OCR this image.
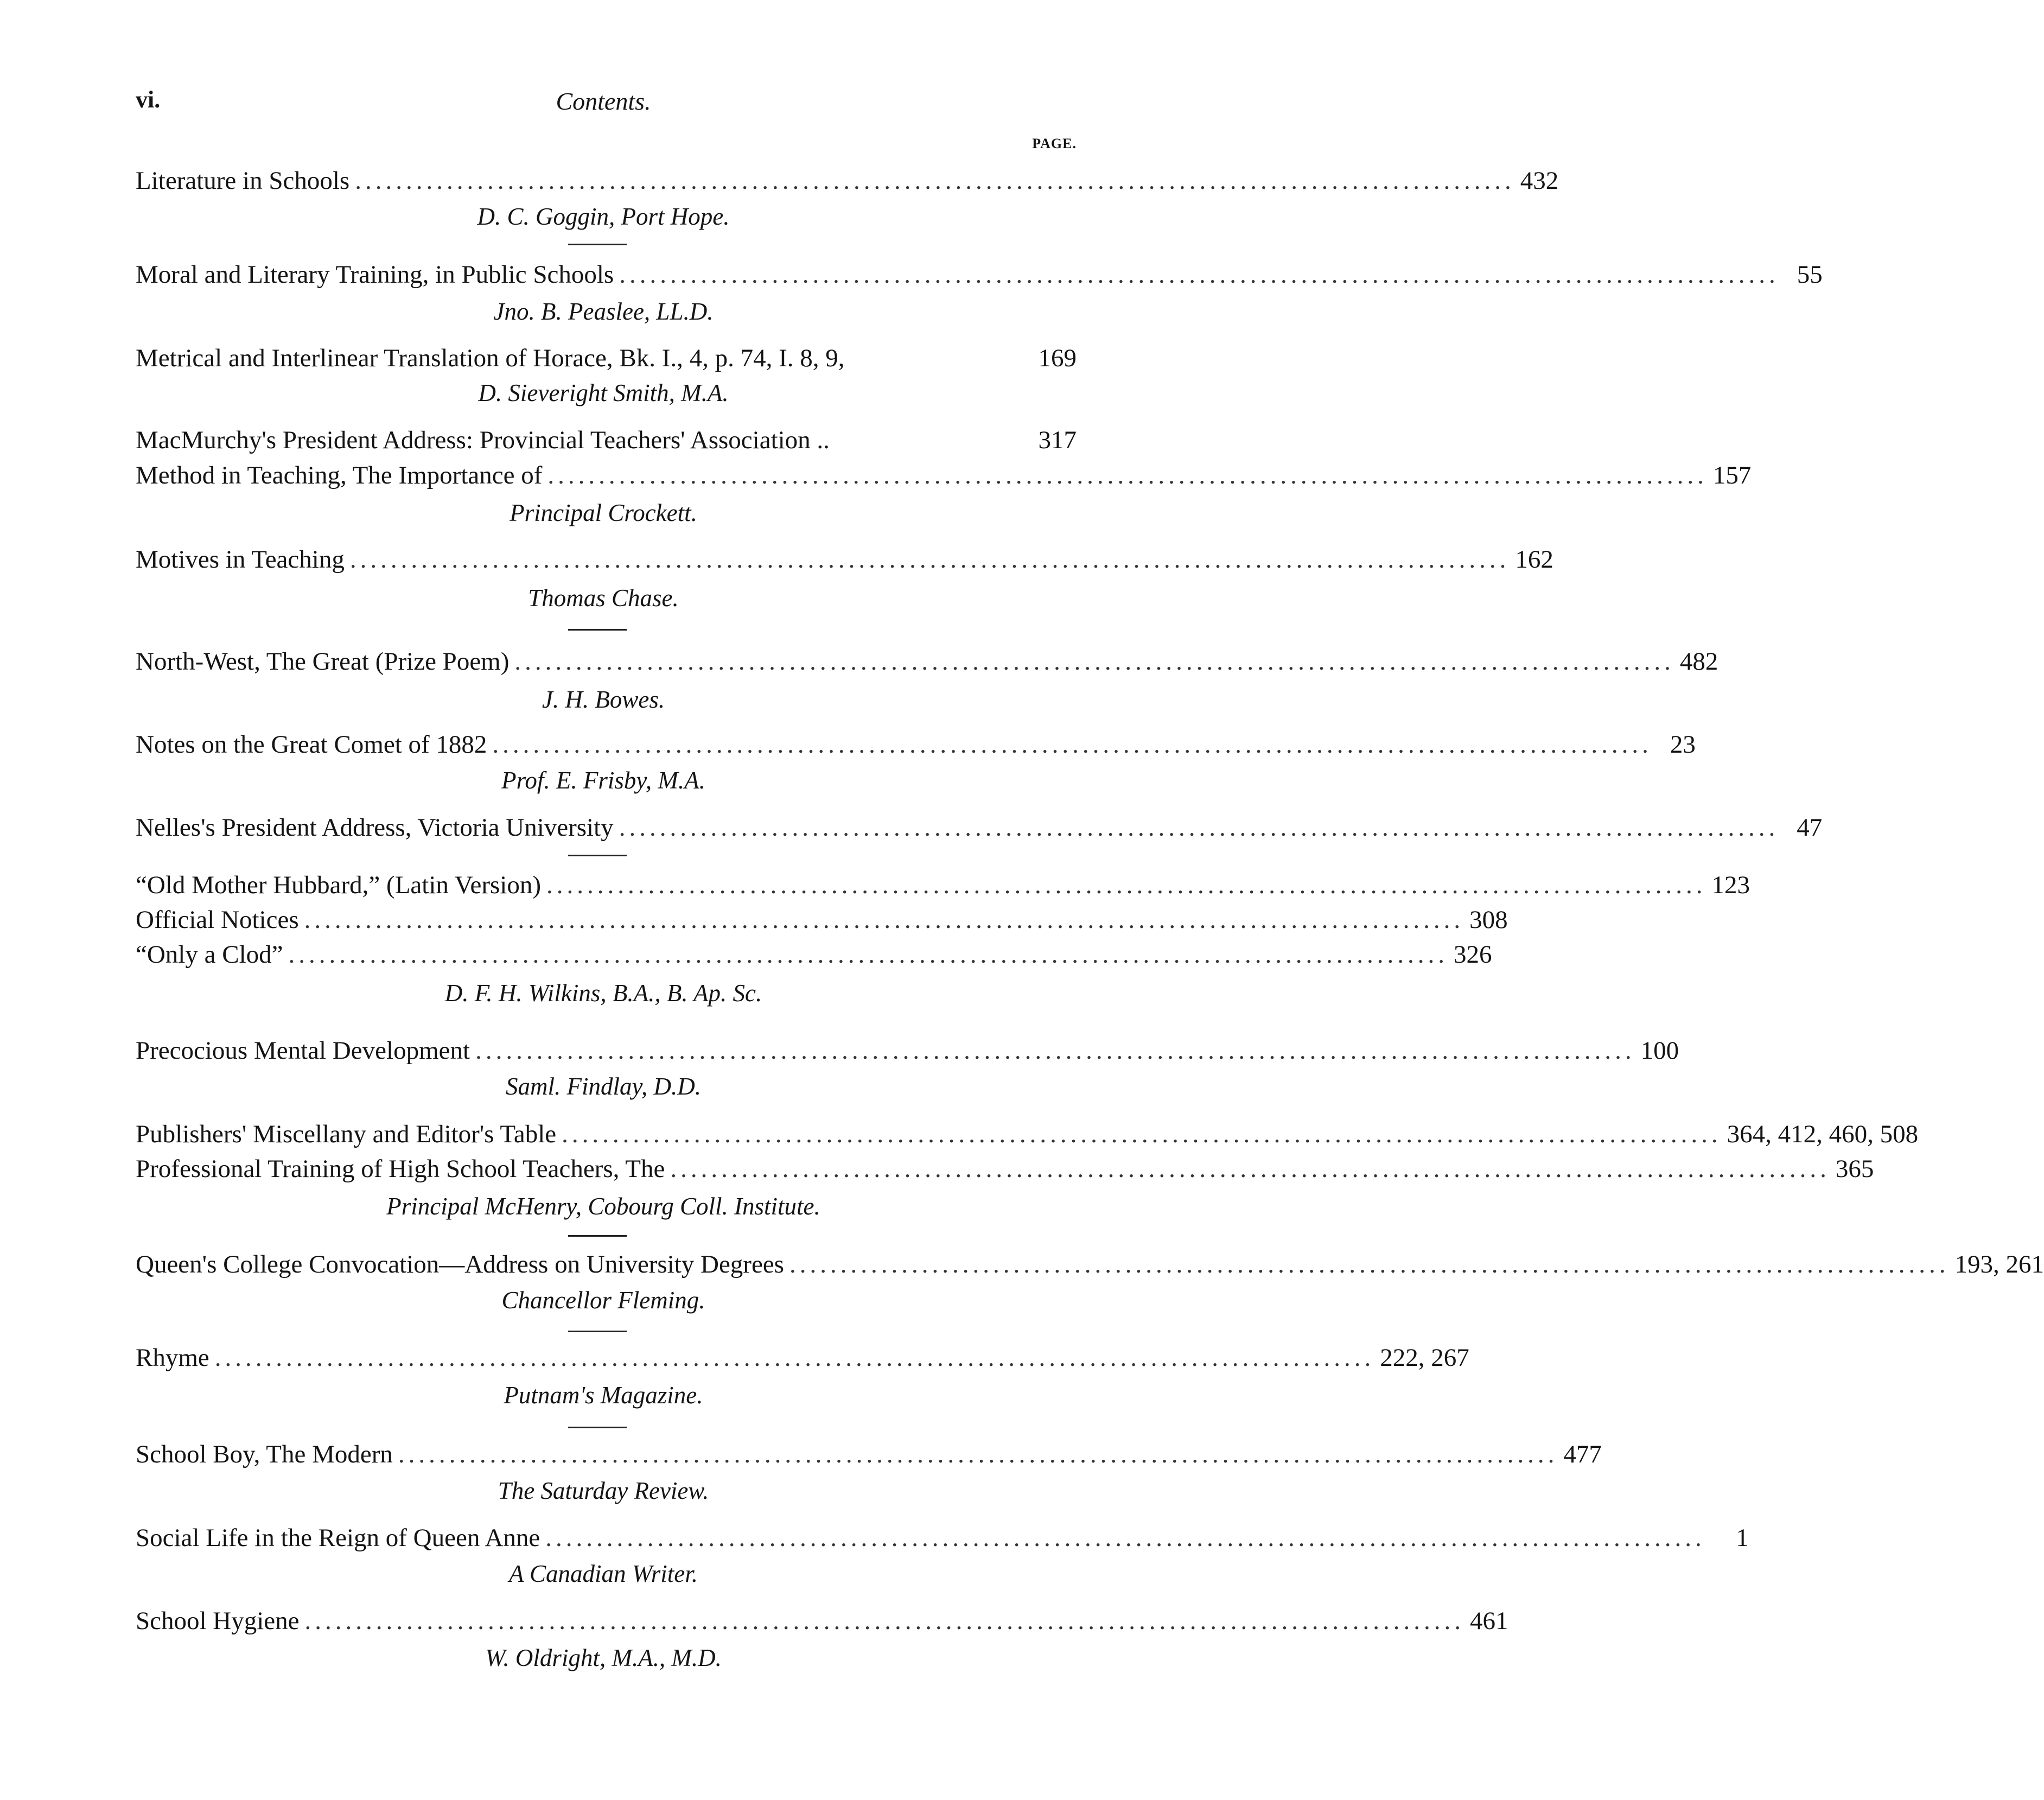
vi.	Contents.
PAGE.
Literature in Schools .................................................................................................................. 432
D. C. Goggin, Port Hope.
Moral and Literary Training, in Public Schools .................................................................................................................. 55
Jno. B. Peaslee, LL.D.
Metrical and Interlinear Translation of Horace, Bk. I., 4, p. 74, I. 8, 9,	169
D. Sieveright Smith, M.A.
MacMurchy's President Address: Provincial Teachers' Association ..	317
Method in Teaching, The Importance of .................................................................................................................. 157
Principal Crockett.
Motives in Teaching .................................................................................................................. 162
Thomas Chase.
North-West, The Great (Prize Poem) .................................................................................................................. 482
J. H. Bowes.
Notes on the Great Comet of 1882 .................................................................................................................. 23
Prof. E. Frisby, M.A.
Nelles's President Address, Victoria University .................................................................................................................. 47
“Old Mother Hubbard,” (Latin Version) .................................................................................................................. 123
Official Notices .................................................................................................................. 308
“Only a Clod” .................................................................................................................. 326
D. F. H. Wilkins, B.A., B. Ap. Sc.
Precocious Mental Development .................................................................................................................. 100
Saml. Findlay, D.D.
Publishers' Miscellany and Editor's Table .................................................................................................................. 364, 412, 460, 508
Professional Training of High School Teachers, The .................................................................................................................. 365
Principal McHenry, Cobourg Coll. Institute.
Queen's College Convocation—Address on University Degrees .................................................................................................................. 193, 261
Chancellor Fleming.
Rhyme .................................................................................................................. 222, 267
Putnam's Magazine.
School Boy, The Modern .................................................................................................................. 477
The Saturday Review.
Social Life in the Reign of Queen Anne ..................................................................................................................	1
A Canadian Writer.
School Hygiene .................................................................................................................. 461
W. Oldright, M.A., M.D.
